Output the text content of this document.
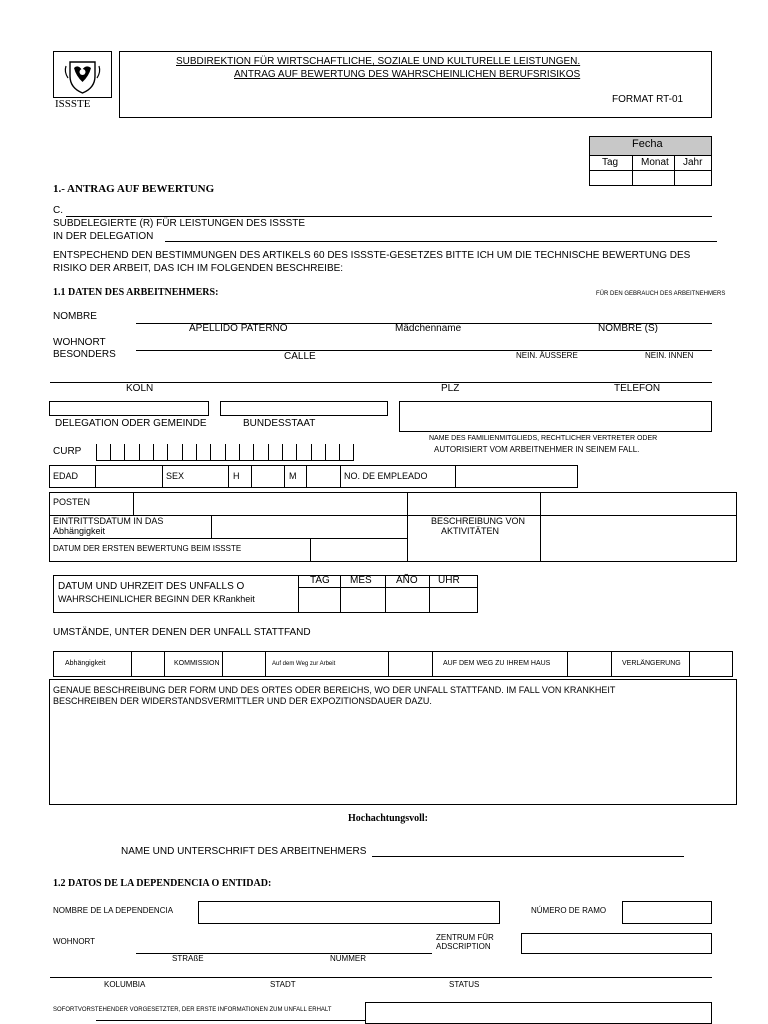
ISSSTE
SUBDIREKTION FÜR WIRTSCHAFTLICHE, SOZIALE UND KULTURELLE LEISTUNGEN.
ANTRAG AUF BEWERTUNG DES WAHRSCHEINLICHEN BERUFSRISIKOS
FORMAT RT-01
Fecha
Tag Monat Jahr
1.- ANTRAG AUF BEWERTUNG
C.
SUBDELEGIERTE (R) FÜR LEISTUNGEN DES ISSSTE
IN DER DELEGATION
ENTSPECHEND DEN BESTIMMUNGEN DES ARTIKELS 60 DES ISSSTE-GESETZES BITTE ICH UM DIE TECHNISCHE BEWERTUNG DES
RISIKO DER ARBEIT, DAS ICH IM FOLGENDEN BESCHREIBE:
1.1 DATEN DES ARBEITNEHMERS:	FÜR DEN GEBRAUCH DES ARBEITNEHMERS
NOMBRE
APELLIDO PATERNO	Mädchenname	NOMBRE (S)
WOHNORT
BESONDERS	CALLE	NEIN. ÄUSSERE	NEIN. INNEN
KOLN	PLZ	TELEFON
DELEGATION ODER GEMEINDE	BUNDESSTAAT
NAME DES FAMILIENMITGLIEDS, RECHTLICHER VERTRETER ODER
AUTORISIERT VOM ARBEITNEHMER IN SEINEM FALL.
CURP
EDAD	SEX	H	M	NO. DE EMPLEADO
POSTEN
EINTRITTSDATUM IN DAS
Abhängigkeit
DATUM DER ERSTEN BEWERTUNG BEIM ISSSTE
BESCHREIBUNG VON
AKTIVITÄTEN
DATUM UND UHRZEIT DES UNFALLS O
WAHRSCHEINLICHER BEGINN DER KRankheit
TAG MES AÑO UHR
UMSTÄNDE, UNTER DENEN DER UNFALL STATTFAND
Abhängigkeit	KOMMISSION	Auf dem Weg zur Arbeit	AUF DEM WEG ZU IHREM HAUS	VERLÄNGERUNG
GENAUE BESCHREIBUNG DER FORM UND DES ORTES ODER BEREICHS, WO DER UNFALL STATTFAND. IM FALL VON KRANKHEIT
BESCHREIBEN DER WIDERSTANDSVERMITTLER UND DER EXPOZITIONSDAUER DAZU.
Hochachtungsvoll:
NAME UND UNTERSCHRIFT DES ARBEITNEHMERS
1.2 DATOS DE LA DEPENDENCIA O ENTIDAD:
NOMBRE DE LA DEPENDENCIA	NÚMERO DE RAMO
WOHNORT	ZENTRUM FÜR
ADSCRIPTION
STRAßE	NUMMER
KOLUMBIA	STADT	STATUS
SOFORTVORSTEHENDER VORGESETZTER, DER ERSTE INFORMATIONEN ZUM UNFALL ERHALT
